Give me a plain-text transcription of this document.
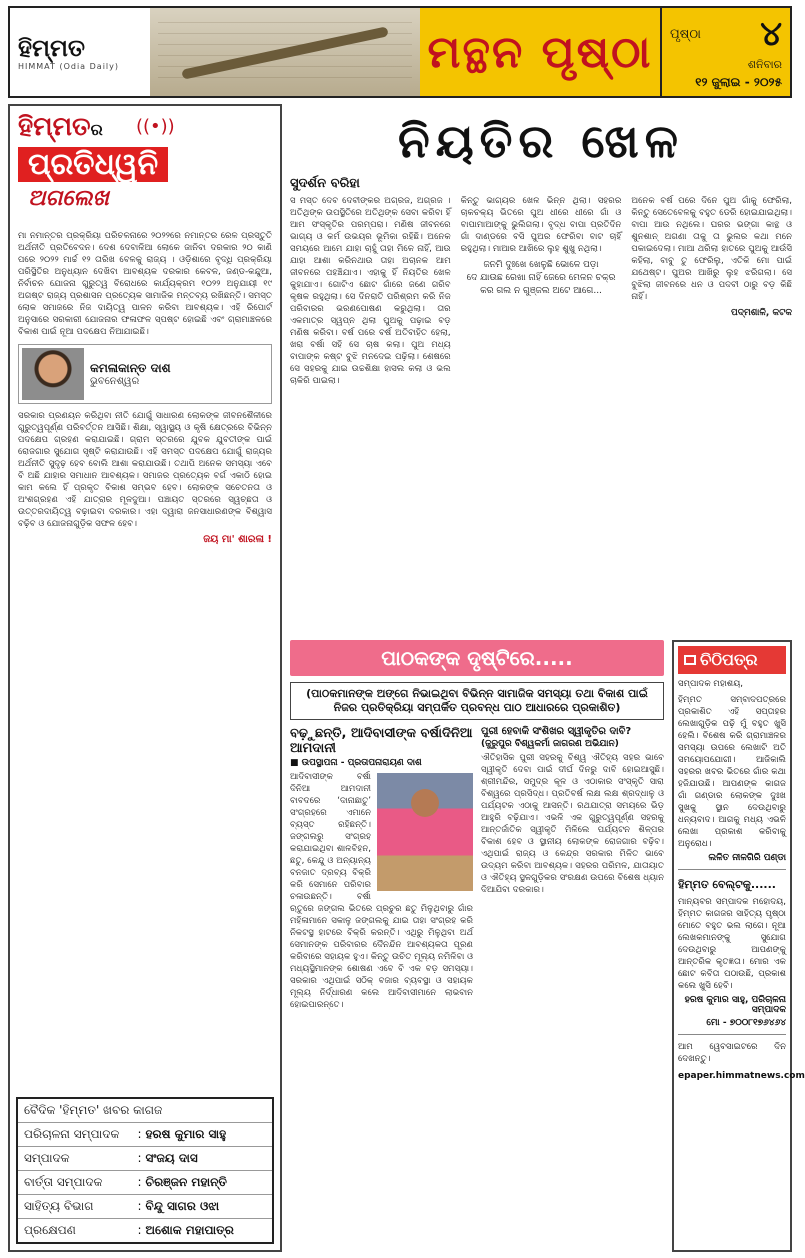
ହିମ୍ମତ
HIMMAT (Odia Daily)	ମନ୍ଥନ ପୃଷ୍ଠା ପୃଷ୍ଠା ୪
ଶନିବାର
୧୨ ଜୁଲାଇ - ୨୦୨୫
ହିମ୍ମତର	((•))
ପ୍ରତିଧ୍ୱନି
ଅଗଲେଖ
ମା ନମାନ୍ତର ପ୍ରକ୍ରିୟା ପରିଚଳନାରେ ୨୦୨୨ରେ ନମାନ୍ତର ରେଳ ପ୍ରସ୍ତୁତି ଅର୍ଥନୀତି ପ୍ରତିବେଦନ। ଦେଶ ଦେବାଳିଆ ଲୋକେ ଜାନିବା ଦରକାର ୨୦ କାଣି ପରେ ୨୦୨୨ ମାର୍ଚ୍ଚ ୧୨ ତାରିଖ ବେଳକୁ ରାଜ୍ୟ । ଓଡ଼ିଶାରେ ବୃଦ୍ଧି ପ୍ରକ୍ରିୟା ପରିସ୍ଥିତିର ଅନୁଧ୍ୟାନ ଦେଖିବା ଆବଶ୍ୟକ ଦରକାର କେବଳ, ଜଣ୍ଡ-କନ୍ଦୁଆ, ନିର୍ବାଚନ ଯୋଜନା ଗୁରୁତ୍ୱ ବିରୋଧରେ କାର୍ଯ୍ୟକ୍ରମ ୧୦୨୨ ଅନୁଯାୟୀ ୧୯ ଅଗଷ୍ଟ ରାଜ୍ୟ ପ୍ରଶାସନ ପ୍ରତ୍ୟେକ ସାମାଜିକ ମନ୍ତବ୍ୟ ରଖିଛନ୍ତି। ସମସ୍ତ ଲୋକ ସମାଜରେ ନିଜ ଦାୟିତ୍ୱ ପାଳନ କରିବା ଆବଶ୍ୟକ। ଏହି ରିପୋର୍ଟ ଅନୁସାରେ ସରକାରୀ ଯୋଜନାର ଫଳାଫଳ ସ୍ପଷ୍ଟ ହୋଇଛି ଏବଂ ଗ୍ରାମାଞ୍ଚଳରେ ବିକାଶ ପାଇଁ ନୂଆ ପଦକ୍ଷେପ ନିଆଯାଇଛି।
କମଳାକାନ୍ତ ଦାଶ
ଭୁବନେଶ୍ୱର
ସରକାର ପ୍ରଣୟନ କରିଥିବା ନୀତି ଯୋଗୁଁ ସାଧାରଣ ଲୋକଙ୍କ ଜୀବନଶୈଳୀରେ ଗୁରୁତ୍ୱପୂର୍ଣ୍ଣ ପରିବର୍ତ୍ତନ ଆସିଛି। ଶିକ୍ଷା, ସ୍ୱାସ୍ଥ୍ୟ ଓ କୃଷି କ୍ଷେତ୍ରରେ ବିଭିନ୍ନ ପଦକ୍ଷେପ ଗ୍ରହଣ କରାଯାଇଛି। ଗ୍ରାମ ସ୍ତରରେ ଯୁବକ ଯୁବତୀଙ୍କ ପାଇଁ ରୋଜଗାର ସୁଯୋଗ ସୃଷ୍ଟି କରାଯାଉଛି। ଏହି ସମସ୍ତ ପଦକ୍ଷେପ ଯୋଗୁଁ ରାଜ୍ୟର ଅର୍ଥନୀତି ସୁଦୃଢ଼ ହେବ ବୋଲି ଆଶା କରାଯାଉଛି। ତଥାପି ଅନେକ ସମସ୍ୟା ଏବେ ବି ଅଛି ଯାହାର ସମାଧାନ ଆବଶ୍ୟକ। ସମାଜର ପ୍ରତ୍ୟେକ ବର୍ଗ ଏକାଠି ହୋଇ କାମ କଲେ ହିଁ ପ୍ରକୃତ ବିକାଶ ସମ୍ଭବ ହେବ। ଲୋକଙ୍କ ସଚେତନତା ଓ ଅଂଶଗ୍ରହଣ ଏହି ଯାତ୍ରାର ମୂଳଦୁଆ। ପଞ୍ଚାୟତ ସ୍ତରରେ ସ୍ୱଚ୍ଛତା ଓ ଉତ୍ତରଦାୟିତ୍ୱ ବଢ଼ାଇବା ଦରକାର। ଏହା ଦ୍ୱାରା ଜନସାଧାରଣଙ୍କ ବିଶ୍ୱାସ ବଢ଼ିବ ଓ ଯୋଜନାଗୁଡ଼ିକ ସଫଳ ହେବ।
ଜୟ ମା' ଶାରଳା !
ବୈଦିକ 'ହିମ୍ମତ' ଖବର କାଗଜ
ପରିଚାଳନା ସମ୍ପାଦକ	: ହରଷ କୁମାର ସାହୁ
ସମ୍ପାଦକ	: ସଂଜୟ ଦାସ
ବାର୍ତ୍ତା ସମ୍ପାଦକ	: ଚିରଞ୍ଜନ ମହାନ୍ତି
ସାହିତ୍ୟ ବିଭାଗ	: ବିନ୍ଦୁ ସାଗର ଓଝା
ପ୍ରକ୍ଷେପଣ	: ଅଶୋକ ମହାପାତ୍ର
ନିୟତିର ଖେଳ
ସୁଦର୍ଶନ ବରିହା
ସ ମସ୍ତ ଦେବ ଦେବୀଙ୍କର ଅଗ୍ରଜ, ଅଗ୍ରଜ । ଅତିଥିଙ୍କ ଉପସ୍ଥିତିରେ ଅତିଥିଙ୍କ ସେବା କରିବା ହିଁ ଆମ ସଂସ୍କୃତିର ପରମ୍ପରା। ମଣିଷ ଜୀବନରେ ଭାଗ୍ୟ ଓ କର୍ମ ଉଭୟର ଭୂମିକା ରହିଛି। ଅନେକ ସମୟରେ ଆମେ ଯାହା ଚାହୁଁ ତାହା ମିଳେ ନାହିଁ, ଆଉ ଯାହା ଆଶା କରିନଥାଉ ତାହା ଅଚାନକ ଆମ ଜୀବନରେ ପହଞ୍ଚିଯାଏ। ଏହାକୁ ହିଁ ନିୟତିର ଖେଳ କୁହାଯାଏ। ଗୋଟିଏ ଛୋଟ ଗାଁରେ ଜଣେ ଗରିବ କୃଷକ ରହୁଥିଲା। ସେ ଦିନରାତି ପରିଶ୍ରମ କରି ନିଜ ପରିବାରର ଭରଣପୋଷଣ କରୁଥିଲା। ତାର ଏକମାତ୍ର ସ୍ୱପ୍ନ ଥିଲା ପୁଅକୁ ପଢ଼ାଇ ବଡ଼ ମଣିଷ କରିବା। ବର୍ଷ ପରେ ବର୍ଷ ଅତିବାହିତ ହେଲା, ଖରା ବର୍ଷା ସହି ସେ ଚାଷ କଲା। ପୁଅ ମଧ୍ୟ ବାପାଙ୍କ କଷ୍ଟ ବୁଝି ମନଦେଇ ପଢ଼ିଲା। ଶେଷରେ ସେ ସହରକୁ ଯାଇ ଉଚ୍ଚଶିକ୍ଷା ହାସଲ କଲା ଓ ଭଲ ଚାକିରି ପାଇଲା।
କିନ୍ତୁ ଭାଗ୍ୟର ଖେଳ ଭିନ୍ନ ଥିଲା। ସହରର ଚାକଚକ୍ୟ ଭିତରେ ପୁଅ ଧୀରେ ଧୀରେ ଗାଁ ଓ ବାପାମାଆଙ୍କୁ ଭୁଲିଗଲା। ବୃଦ୍ଧ ବାପା ପ୍ରତିଦିନ ଗାଁ ଦାଣ୍ଡରେ ବସି ପୁଅର ଫେରିବା ବାଟ ଚାହିଁ ରହୁଥିଲା। ମାଆର ଆଖିରେ ଲୁହ ଶୁଖୁ ନଥିଲା।
ଜନମି ଦୁଃଖେ ଖେଳୁଛି ଭୋଳେ ପଡ଼ା
ଦେ ଯାଉଛ ରେଖା ନାହିଁ ଜେରେ ମେଳନ ଚକ୍ର
କର ଗଲ ନ ଗୁଞ୍ଜଲ ଅଟେ ଆଗେ...
ଅନେକ ବର୍ଷ ପରେ ଦିନେ ପୁଅ ଗାଁକୁ ଫେରିଲା, କିନ୍ତୁ ସେତେବେଳକୁ ବହୁତ ଡେରି ହୋଇଯାଇଥିଲା। ବାପା ଆଉ ନଥିଲେ। ଘରର ଭଙ୍ଗା କାନ୍ଥ ଓ ଶୁନଶାନ୍ ଅଗଣା ତାକୁ ତା ଭୁଲର କଥା ମନେ ପକାଇଦେଲା। ମାଆ ଥରିଲା ହାତରେ ପୁଅକୁ ଆଉଁସି କହିଲା, ବାବୁ ତୁ ଫେରିଲୁ, ଏତିକି ମୋ ପାଇଁ ଯଥେଷ୍ଟ। ପୁଅର ଆଖିରୁ ଲୁହ ଝରିଗଲା। ସେ ବୁଝିଲା ଜୀବନରେ ଧନ ଓ ପଦବୀ ଠାରୁ ବଡ଼ କିଛି ନାହିଁ।
ପଦ୍ମଶାଳି, କଟକ
ପାଠକଙ୍କ ଦୃଷ୍ଟିରେ.....
(ପାଠକମାନଙ୍କ ଅଙ୍ଗେ ନିଭାଇଥିବା ବିଭିନ୍ନ ସାମାଜିକ ସମସ୍ୟା ତଥା ବିକାଶ ପାଇଁ ନିଜର ପ୍ରତିକ୍ରିୟା ସମ୍ପର୍କିତ ପ୍ରବନ୍ଧ ପାଠ ଆଧାରରେ ପ୍ରକାଶିତ)
ବଢ଼ୁଛନ୍ତି, ଆଦିବାସୀଙ୍କ ବର୍ଷାଦିନିଆ ଆମଦାନୀ
■ ଉପସ୍ଥାପନା - ପ୍ରତାପନାରାୟଣ ଦାଶ
ଆଦିବାସୀଙ୍କ ବର୍ଷା ଦିନିଆ ଆମଦାନୀ ବାବଦରେ ‘ଦାନାଛାତୁ’ ସଂଗ୍ରହରେ ଏମାନେ ବ୍ୟସ୍ତ ରହିଛନ୍ତି। ଜଙ୍ଗଲରୁ ସଂଗ୍ରହ କରାଯାଇଥିବା ଶାଳବିହନ, ଛତୁ, କେନ୍ଦୁ ଓ ଅନ୍ୟାନ୍ୟ ବନଜାତ ଦ୍ରବ୍ୟ ବିକ୍ରି କରି ସେମାନେ ପରିବାର ଚଳାଉଛନ୍ତି। ବର୍ଷା ଋତୁରେ ଜଙ୍ଗଲ ଭିତରେ ପ୍ରଚୁର ଛତୁ ମିଳୁଥିବାରୁ ଗାଁର ମହିଳାମାନେ ସକାଳୁ ଜଙ୍ଗଲକୁ ଯାଇ ତାହା ସଂଗ୍ରହ କରି ନିକଟସ୍ଥ ହାଟରେ ବିକ୍ରି କରନ୍ତି। ଏଥିରୁ ମିଳୁଥିବା ଅର୍ଥ ସେମାନଙ୍କ ପରିବାରର ଦୈନନ୍ଦିନ ଆବଶ୍ୟକତା ପୂରଣ କରିବାରେ ସହାୟକ ହୁଏ। କିନ୍ତୁ ଉଚିତ ମୂଲ୍ୟ ନମିଳିବା ଓ ମଧ୍ୟସ୍ଥିମାନଙ୍କ ଶୋଷଣ ଏବେ ବି ଏକ ବଡ଼ ସମସ୍ୟା। ସରକାର ଏଥିପାଇଁ ସଠିକ୍ ବଜାର ବ୍ୟବସ୍ଥା ଓ ସହାୟକ ମୂଲ୍ୟ ନିର୍ଦ୍ଧାରଣ କଲେ ଆଦିବାସୀମାନେ ଲାଭବାନ ହୋଇପାରନ୍ତେ।
ପୁରୀ ହେବାକି ସଂଶିଖର ସ୍ୱୀକୃତିର ଦାବି?
(ଜୁରୁପୁର ବିଶ୍ୱକର୍ମା ଜାଗରଣ ଅଭିଯାନ)
ଐତିହାସିକ ପୁରୀ ସହରକୁ ବିଶ୍ୱ ଐତିହ୍ୟ ସହର ଭାବେ ସ୍ୱୀକୃତି ଦେବା ପାଇଁ ଦୀର୍ଘ ଦିନରୁ ଦାବି ହୋଇଆସୁଛି। ଶ୍ରୀମନ୍ଦିର, ସମୁଦ୍ର କୂଳ ଓ ଏଠାକାର ସଂସ୍କୃତି ସାରା ବିଶ୍ୱରେ ପ୍ରସିଦ୍ଧ। ପ୍ରତିବର୍ଷ ଲକ୍ଷ ଲକ୍ଷ ଶ୍ରଦ୍ଧାଳୁ ଓ ପର୍ଯ୍ୟଟକ ଏଠାକୁ ଆସନ୍ତି। ରଥଯାତ୍ରା ସମୟରେ ଭିଡ଼ ଆହୁରି ବଢ଼ିଯାଏ। ଏଭଳି ଏକ ଗୁରୁତ୍ୱପୂର୍ଣ୍ଣ ସହରକୁ ଆନ୍ତର୍ଜାତିକ ସ୍ୱୀକୃତି ମିଳିଲେ ପର୍ଯ୍ୟଟନ ଶିଳ୍ପର ବିକାଶ ହେବ ଓ ସ୍ଥାନୀୟ ଲୋକଙ୍କ ରୋଜଗାର ବଢ଼ିବ। ଏଥିପାଇଁ ରାଜ୍ୟ ଓ କେନ୍ଦ୍ର ସରକାର ମିଳିତ ଭାବେ ଉଦ୍ୟମ କରିବା ଆବଶ୍ୟକ। ସହରର ପରିମଳ, ଯାତାୟାତ ଓ ଐତିହ୍ୟ ସ୍ଥଳଗୁଡ଼ିକର ସଂରକ୍ଷଣ ଉପରେ ବିଶେଷ ଧ୍ୟାନ ଦିଆଯିବା ଦରକାର।
ଚିଠିପତ୍ର
ସମ୍ପାଦକ ମହାଶୟ,
ହିମ୍ମତ ସମ୍ବାଦପତ୍ରରେ ପ୍ରକାଶିତ ଏହି ସପ୍ତାହର ଲେଖାଗୁଡ଼ିକ ପଢ଼ି ମୁଁ ବହୁତ ଖୁସି ହେଲି। ବିଶେଷ କରି ଗ୍ରାମାଞ୍ଚଳର ସମସ୍ୟା ଉପରେ ଲେଖାଟି ଅତି ସମୟୋପଯୋଗୀ। ଆଜିକାଲି ସହରର ଖବର ଭିତରେ ଗାଁର କଥା ହଜିଯାଉଛି। ଆପଣଙ୍କ କାଗଜ ଗାଁ ଗଣ୍ଡାର ଲୋକଙ୍କ ଦୁଃଖ ସୁଖକୁ ସ୍ଥାନ ଦେଉଥିବାରୁ ଧନ୍ୟବାଦ। ଆଗକୁ ମଧ୍ୟ ଏଭଳି ଲେଖା ପ୍ରକାଶ କରିବାକୁ ଅନୁରୋଧ।
ଲଳିତ ନୀଳଗିରି ପଣ୍ଡା
ହିମ୍ମତ ବେଲ୍ଟକୁ......
ମାନ୍ୟବର ସମ୍ପାଦକ ମହୋଦୟ, ହିମ୍ମତ କାଗଜର ସାହିତ୍ୟ ପୃଷ୍ଠା ମୋତେ ବହୁତ ଭଲ ଲାଗେ। ନୂଆ ଲେଖକମାନଙ୍କୁ ସୁଯୋଗ ଦେଉଥିବାରୁ ଆପଣଙ୍କୁ ଆନ୍ତରିକ କୃତଜ୍ଞତା। ମୋର ଏକ ଛୋଟ କବିତା ପଠାଉଛି, ପ୍ରକାଶ କଲେ ଖୁସି ହେବି।
ହରଷ କୁମାର ସାହୁ, ପରିଚାଳନା ସମ୍ପାଦକ
ମୋ - ୭୦୦୮୧୭୬୪୬୪
ଆମ ୱେବସାଇଟରେ ଦିନ ଦେଖନ୍ତୁ।
epaper.himmatnews.com
